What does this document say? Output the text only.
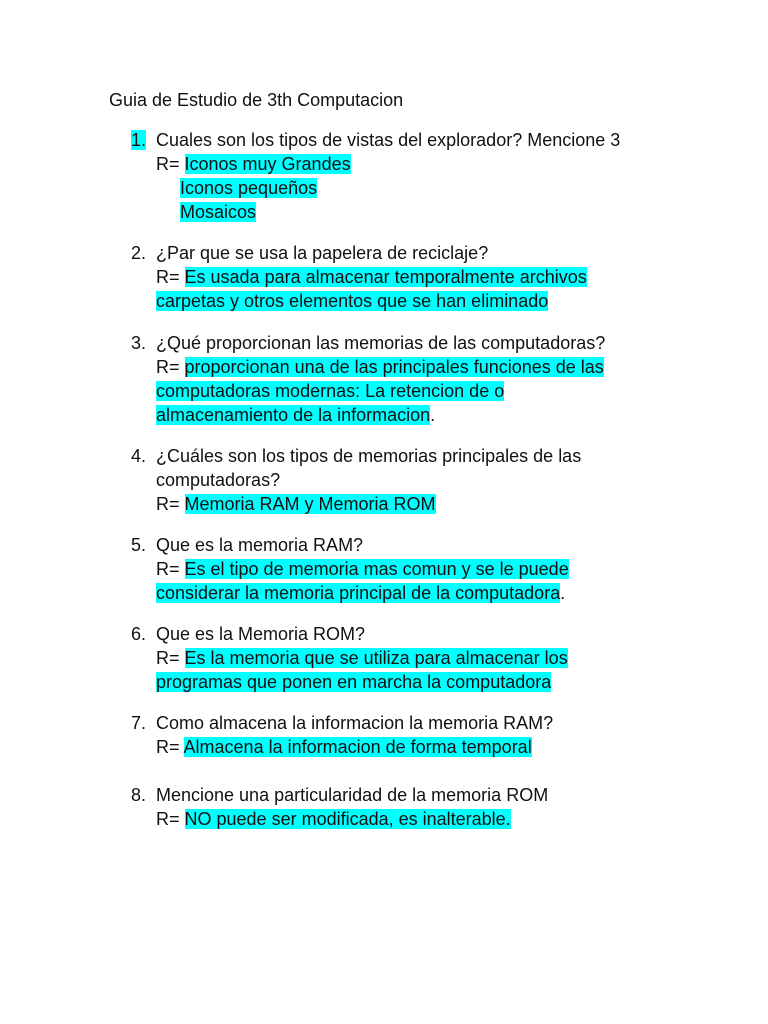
Guia de Estudio de 3th Computacion
1. Cuales son los tipos de vistas del explorador? Mencione 3
R= Iconos muy Grandes
Iconos pequeños
Mosaicos
2. ¿Par que se usa la papelera de reciclaje?
R= Es usada para almacenar temporalmente archivos
carpetas y otros elementos que se han eliminado
3. ¿Qué proporcionan las memorias de las computadoras?
R= proporcionan una de las principales funciones de las
computadoras modernas: La retencion de o
almacenamiento de la informacion.
4. ¿Cuáles son los tipos de memorias principales de las
computadoras?
R= Memoria RAM y Memoria ROM
5. Que es la memoria RAM?
R= Es el tipo de memoria mas comun y se le puede
considerar la memoria principal de la computadora.
6. Que es la Memoria ROM?
R= Es la memoria que se utiliza para almacenar los
programas que ponen en marcha la computadora
7. Como almacena la informacion la memoria RAM?
R= Almacena la informacion de forma temporal
8. Mencione una particularidad de la memoria ROM
R= NO puede ser modificada, es inalterable.
